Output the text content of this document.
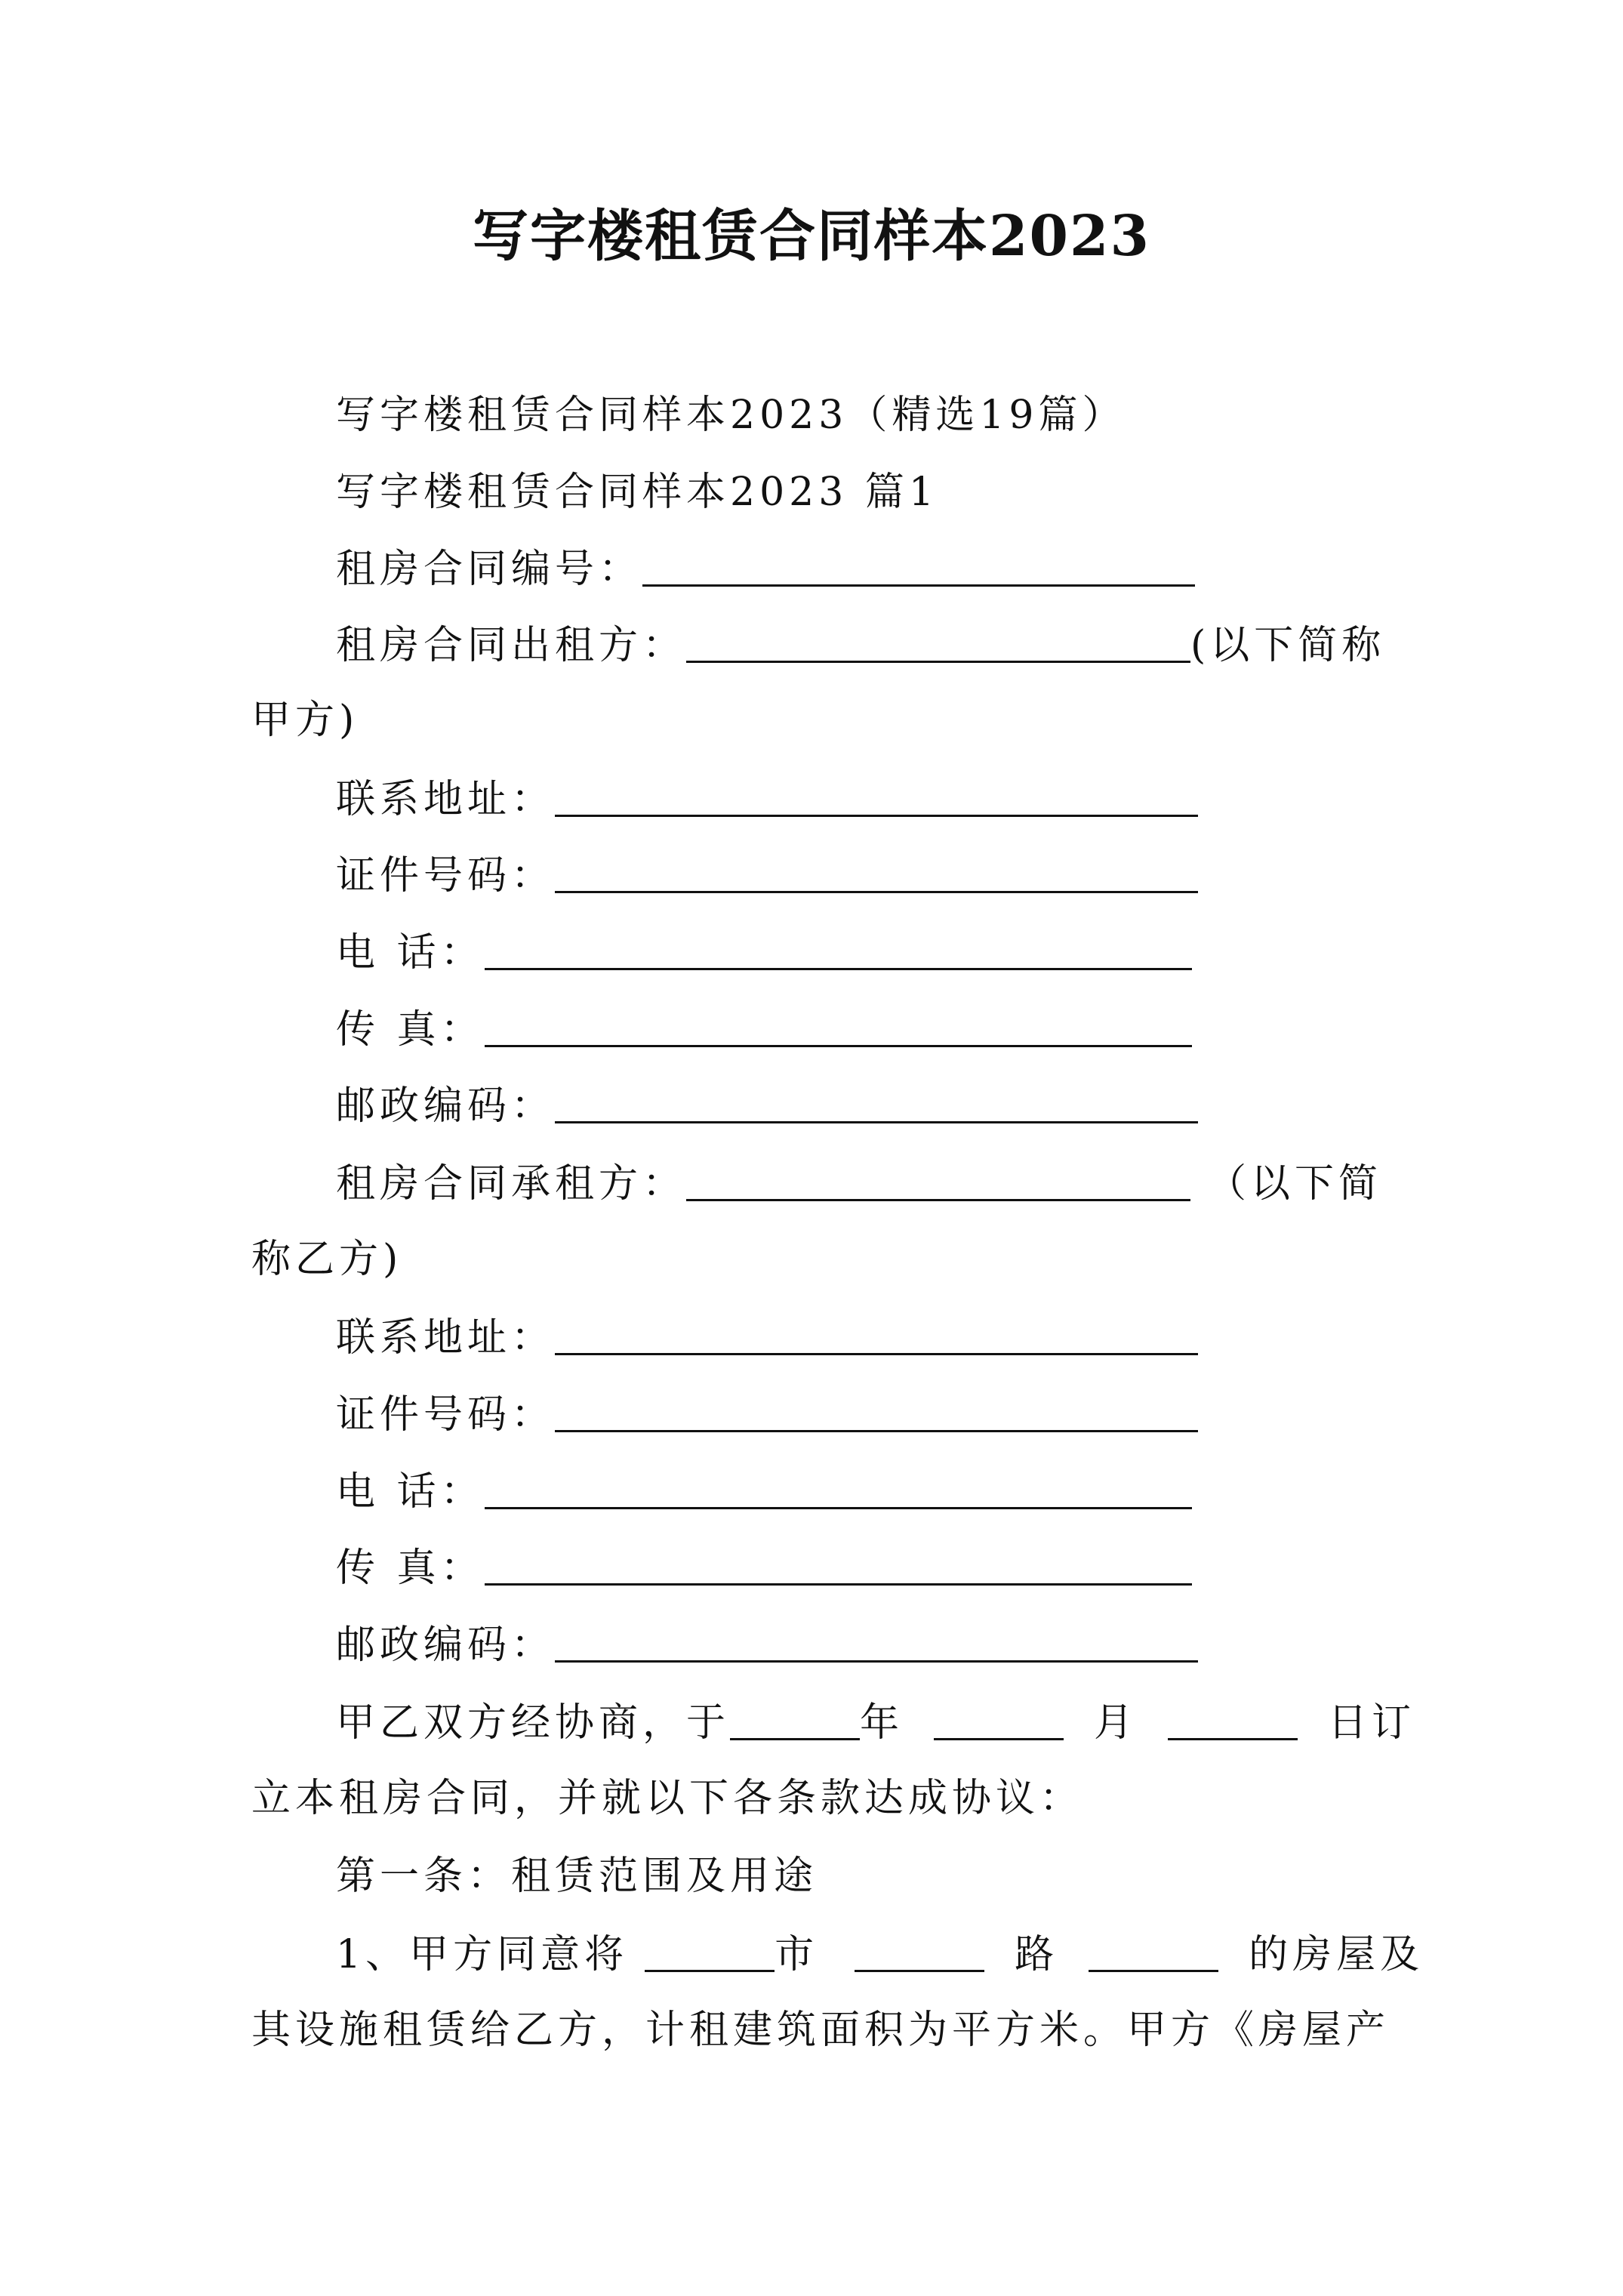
写字楼租赁合同样本2023
写字楼租赁合同样本2023（精选19篇）
写字楼租赁合同样本2023 篇1
租房合同编号：
租房合同出租方：	(以下简称
甲方)
联系地址：
证件号码：
电 话：
传 真：
邮政编码：
租房合同承租方：	（以下简
称乙方)
联系地址：
证件号码：
电 话：
传 真：
邮政编码：
甲乙双方经协商，于	年	月	日订
立本租房合同，并就以下各条款达成协议：
第一条：租赁范围及用途
1、甲方同意将	市	路	的房屋及
其设施租赁给乙方，计租建筑面积为平方米。甲方《房屋产
